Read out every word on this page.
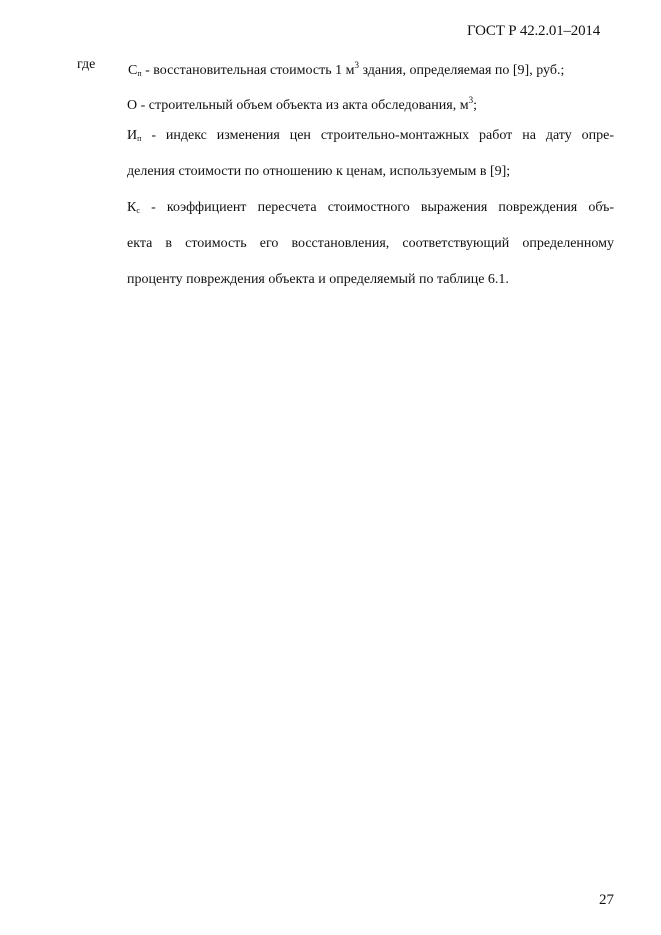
ГОСТ Р 42.2.01–2014
где $С_п$ - восстановительная стоимость 1 $м^3$ здания, определяемая по [9], руб.;
О - строительный объем объекта из акта обследования, $м^3$;
$И_п$ - индекс изменения цен строительно-монтажных работ на дату опре-
деления стоимости по отношению к ценам, используемым в [9];
$К_с$ - коэффициент пересчета стоимостного выражения повреждения объ-
екта в стоимость его восстановления, соответствующий определенному
проценту повреждения объекта и определяемый по таблице 6.1.
27
